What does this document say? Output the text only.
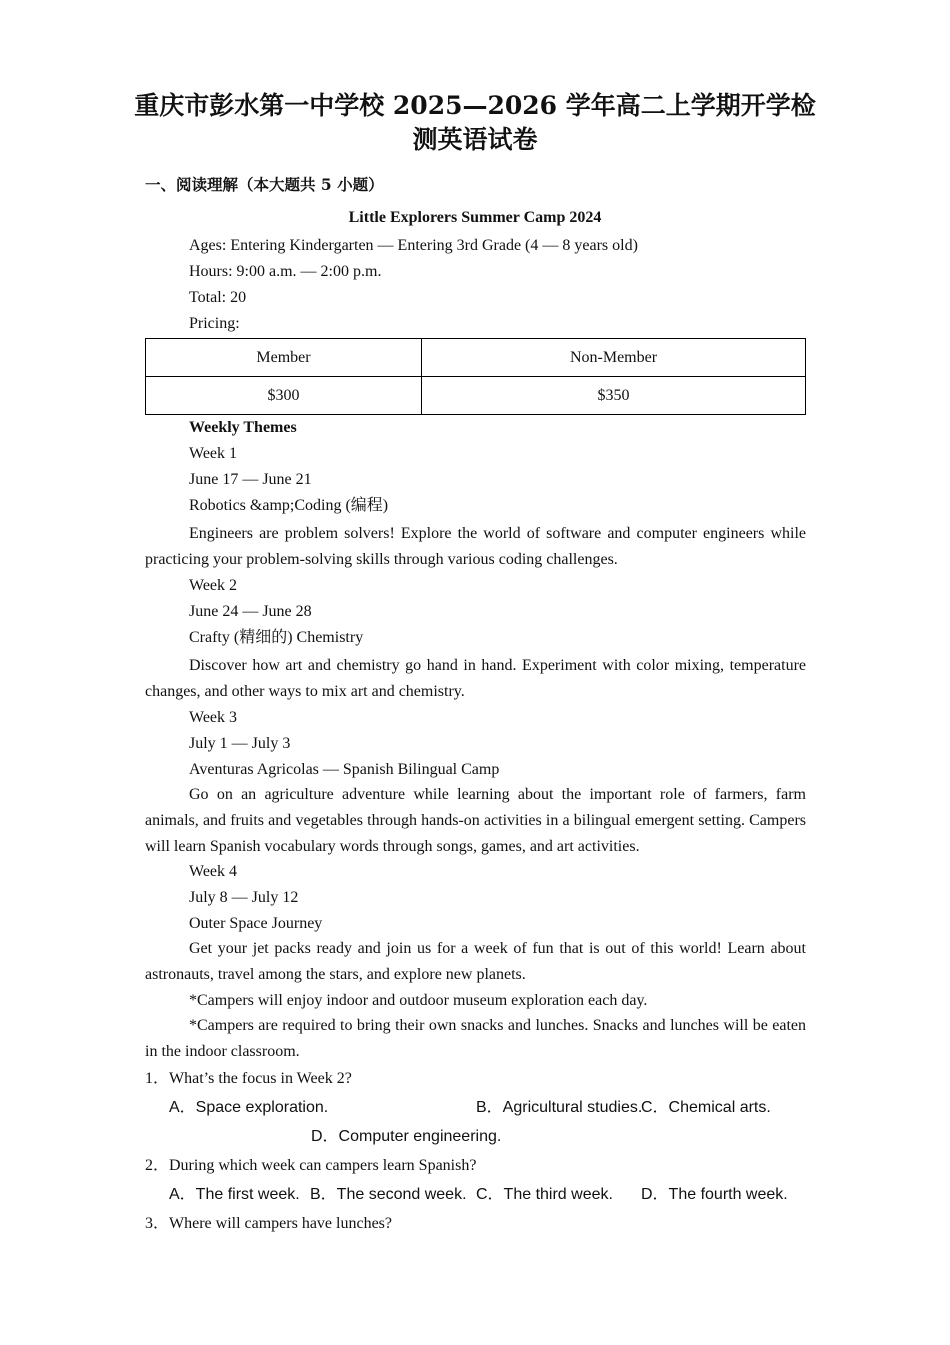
重庆市彭水第一中学校 2025—2026 学年高二上学期开学检
测英语试卷
一、阅读理解（本大题共 5 小题）
Little Explorers Summer Camp 2024
Ages: Entering Kindergarten — Entering 3rd Grade (4 — 8 years old)
Hours: 9:00 a.m. — 2:00 p.m.
Total: 20
Pricing:
Member	Non-Member
$300	$350
Weekly Themes
Week 1
June 17 — June 21
Robotics &amp;Coding (编程)
Engineers are problem solvers! Explore the world of software and computer engineers while practicing your problem-solving skills through various coding challenges.
Week 2
June 24 — June 28
Crafty (精细的) Chemistry
Discover how art and chemistry go hand in hand. Experiment with color mixing, temperature changes, and other ways to mix art and chemistry.
Week 3
July 1 — July 3
Aventuras Agricolas — Spanish Bilingual Camp
Go on an agriculture adventure while learning about the important role of farmers, farm animals, and fruits and vegetables through hands-on activities in a bilingual emergent setting. Campers will learn Spanish vocabulary words through songs, games, and art activities.
Week 4
July 8 — July 12
Outer Space Journey
Get your jet packs ready and join us for a week of fun that is out of this world! Learn about astronauts, travel among the stars, and explore new planets.
*Campers will enjoy indoor and outdoor museum exploration each day.
*Campers are required to bring their own snacks and lunches. Snacks and lunches will be eaten in the indoor classroom.
1．What’s the focus in Week 2?
A．Space exploration.	B．Agricultural studies.
C．Chemical arts.
D．Computer engineering.
2．During which week can campers learn Spanish?
A．The first week. B．The second week. C．The third week. D．The fourth week.
3．Where will campers have lunches?
